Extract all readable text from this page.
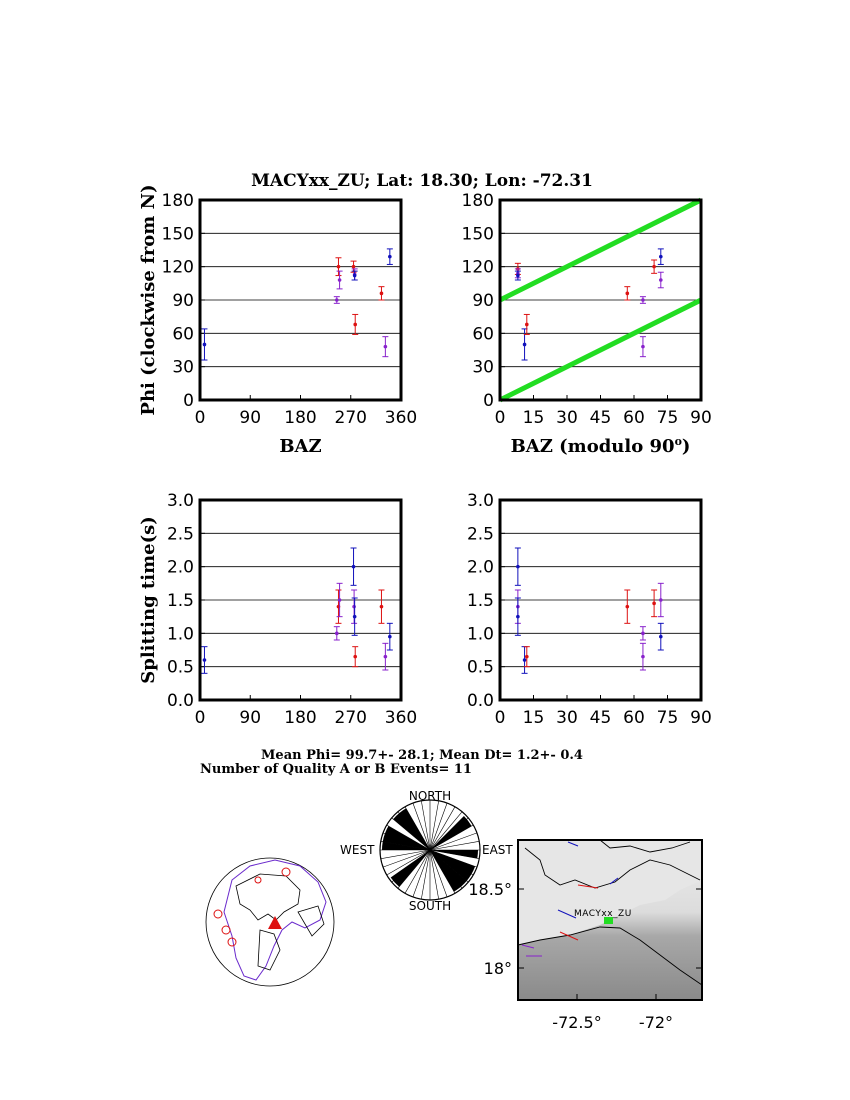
MACYxx_ZU; Lat: 18.30; Lon: -72.31
0
30
60
90
120
150
180
0 90 180 270 360
BAZ
Phi (clockwise from N)	0
30
60
90
120
150
180
0 15 30 45 60 75 90
BAZ (modulo 90$^o$)
0.0
0.5
1.0
1.5
2.0
2.5
3.0
0 90 180 270 360
Splitting time(s)
0.0
0.5
1.0
1.5
2.0
2.5
3.0
0 15 30 45 60 75 90
Mean Phi= 99.7+- 28.1; Mean Dt= 1.2+- 0.4
Number of Quality A or B Events= 11
NORTH
SOUTH
WEST	EAST
MACYxx_ZU
18.5°
18°
-72.5° -72°
